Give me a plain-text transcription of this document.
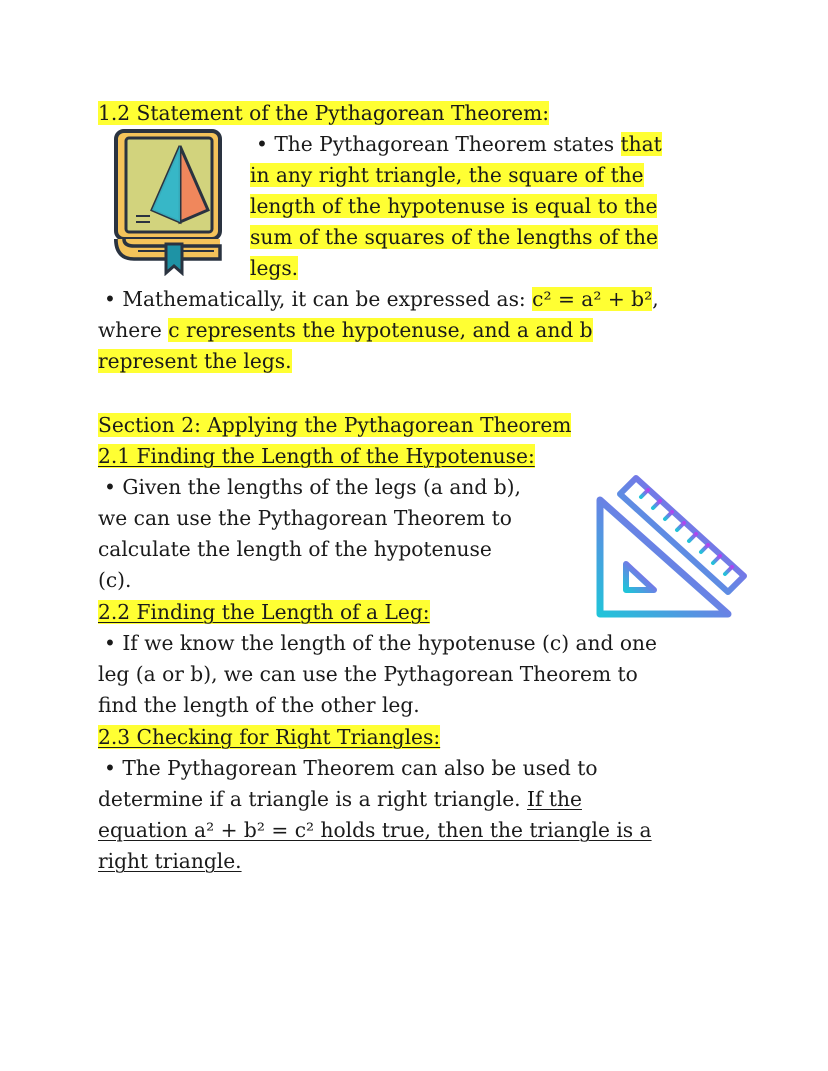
1.2 Statement of the Pythagorean Theorem:
• The Pythagorean Theorem states that
in any right triangle, the square of the
length of the hypotenuse is equal to the
sum of the squares of the lengths of the
legs.
• Mathematically, it can be expressed as: c² = a² + b²,
where c represents the hypotenuse, and a and b
represent the legs.
Section 2: Applying the Pythagorean Theorem
2.1 Finding the Length of the Hypotenuse:
• Given the lengths of the legs (a and b),
we can use the Pythagorean Theorem to
calculate the length of the hypotenuse
(c).
2.2 Finding the Length of a Leg:
• If we know the length of the hypotenuse (c) and one
leg (a or b), we can use the Pythagorean Theorem to
find the length of the other leg.
2.3 Checking for Right Triangles:
• The Pythagorean Theorem can also be used to
determine if a triangle is a right triangle. If the
equation a² + b² = c² holds true, then the triangle is a
right triangle.
